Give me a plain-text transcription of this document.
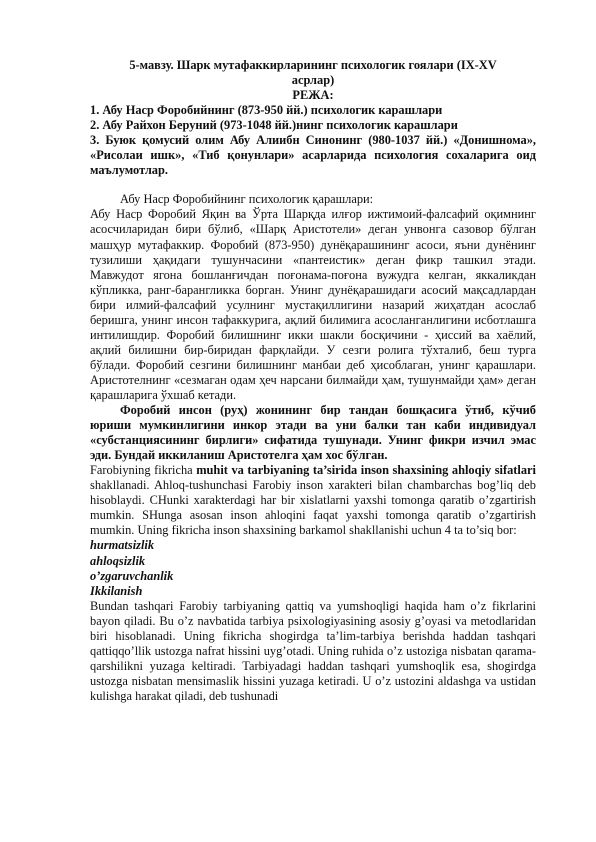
5-мавзу. Шарк мутафаккирларининг психологик гоялари (IX-XV

асрлар)

РЕЖА:

1. Абу Наср Форобийнинг (873-950 йй.) психологик карашлари

2. Абу Райхон Беруний (973-1048 йй.)нинг психологик карашлари

3. Буюк қомусий олим Абу Алиибн Синонинг (980-1037 йй.) «Донишнома», «Рисолаи ишк», «Тиб қонунлари» асарларида психология сохаларига оид маълумотлар.

Абу Наср Форобийнинг психологик қарашлари:

Абу Наср Форобий Яқин ва Ўрта Шарқда илғор ижтимоий-фалсафий оқимнинг асосчиларидан бири бўлиб, «Шарқ Аристотели» деган унвонга сазовор бўлган машҳур мутафаккир. Форобий (873-950) дунёқарашининг асоси, яъни дунёнинг тузилиши ҳақидаги тушунчасини «пантеистик» деган фикр ташкил этади. Мавжудот ягона бошланғичдан поғонама-поғона вужудга келган, яккаликдан кўпликка, ранг-барангликка борган. Унинг дунёқарашидаги асосий мақсадлардан бири илмий-фалсафий усулнинг мустақиллигини назарий жиҳатдан асослаб беришга, унинг инсон тафаккурига, ақлий билимига асосланганлигини исботлашга интилишдир. Форобий билишнинг икки шакли босқичини - ҳиссий ва хаёлий, ақлий билишни бир-биридан фарқлайди. У сезги ролига тўхталиб, беш турга бўлади. Форобий сезгини билишнинг манбаи деб ҳисоблаган, унинг қарашлари. Аристотелнинг «сезмаган одам ҳеч нарсани билмайди ҳам, тушунмайди ҳам» деган қарашларига ўхшаб кетади.

Форобий инсон (руҳ) жонининг бир тандан бошқасига ўтиб, кўчиб юриши мумкинлигини инкор этади ва уни балки тан каби индивидуал «субстанциясининг бирлиги» сифатида тушунади. Унинг фикри изчил эмас эди. Бундай иккиланиш Аристотелга ҳам хос бўлган.

Farobiyning fikricha muhit va tarbiyaning ta’sirida inson shaxsining ahloqiy sifatlari shakllanadi. Ahloq-tushunchasi Farobiy inson xarakteri bilan chambarchas bog’liq deb hisoblaydi. CHunki xarakterdagi har bir xislatlarni yaxshi tomonga qaratib o’zgartirish mumkin. SHunga asosan inson ahloqini faqat yaxshi tomonga qaratib o’zgartirish mumkin. Uning fikricha inson shaxsining barkamol shakllanishi uchun 4 ta to’siq bor:

hurmatsizlik

ahloqsizlik

o’zgaruvchanlik

Ikkilanish

Bundan tashqari Farobiy tarbiyaning qattiq va yumshoqligi haqida ham o’z fikrlarini bayon qiladi. Bu o’z navbatida tarbiya psixologiyasining asosiy g’oyasi va metodlaridan biri hisoblanadi. Uning fikricha shogirdga ta’lim-tarbiya berishda haddan tashqari qattiqqo’llik ustozga nafrat hissini uyg’otadi. Uning ruhida o’z ustoziga nisbatan qarama-qarshilikni yuzaga keltiradi. Tarbiyadagi haddan tashqari yumshoqlik esa, shogirdga ustozga nisbatan mensimaslik hissini yuzaga ketiradi. U o’z ustozini aldashga va ustidan kulishga harakat qiladi, deb tushunadi
